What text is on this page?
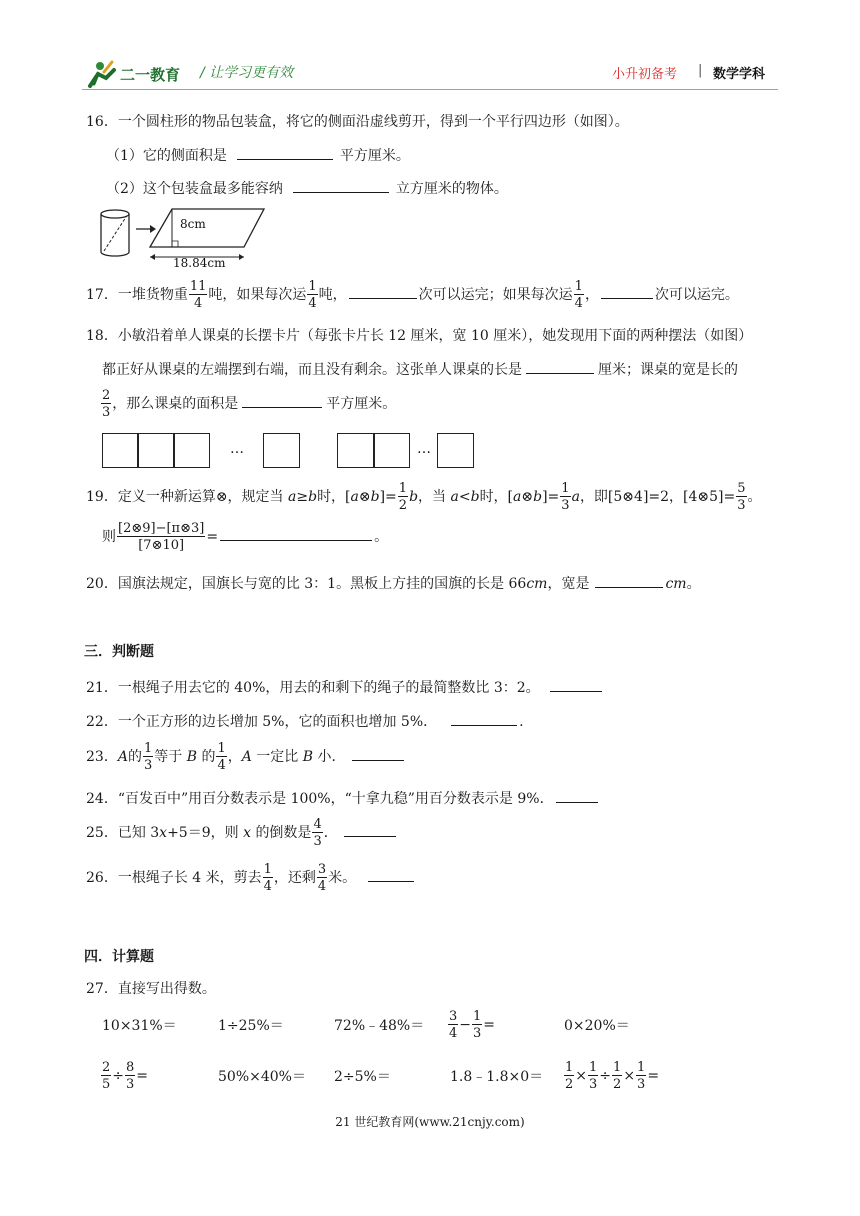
二一教育 / 让学习更有效	小升初备考 | 数学学科
16．一个圆柱形的物品包装盒，将它的侧面沿虚线剪开，得到一个平行四边形（如图）。
（1）它的侧面积是	平方厘米。
（2）这个包装盒最多能容纳	立方厘米的物体。
8cm
18.84cm
17．一堆货物重 $\frac{11}{4}$ 吨，如果每次运 $\frac{1}{4}$ 吨，	次可以运完；如果每次运 $\frac{1}{4}$ ，	次可以运完。
18．小敏沿着单人课桌的长摆卡片（每张卡片长 12 厘米，宽 10 厘米），她发现用下面的两种摆法（如图）
都正好从课桌的左端摆到右端，而且没有剩余。这张单人课桌的长是	厘米；课桌的宽是长的
$\frac{2}{3}$ ，那么课桌的面积是	平方厘米。
…	…
19．定义一种新运算⊗，规定当 a≥b时，[a⊗b]= $\frac{1}{2}$ b，当 a<b时，[a⊗b]= $\frac{1}{3}$ a，即[5⊗4]=2，[4⊗5]= $\frac{5}{3}$ 。
则 $\frac{[2\otimes 9]-[\pi\otimes 3]}{[7\otimes 10]}$ =	。
20．国旗法规定，国旗长与宽的比 3：1。黑板上方挂的国旗的长是 66cm，宽是	cm。
三．判断题
21．一根绳子用去它的 40%，用去的和剩下的绳子的最简整数比 3：2。
22．一个正方形的边长增加 5%，它的面积也增加 5%．	.
23．A的 $\frac{1}{3}$ 等于 B 的 $\frac{1}{4}$ ，A 一定比 B 小．
24．“百发百中”用百分数表示是 100%，“十拿九稳”用百分数表示是 9%．
25．已知 3x+5＝9，则 x 的倒数是 $\frac{4}{3}$ ．
26．一根绳子长 4 米，剪去 $\frac{1}{4}$ ，还剩 $\frac{3}{4}$ 米。
四．计算题
27．直接写出得数。
10×31%＝	1÷25%＝	72%﹣48%＝ $\frac{3}{4} - \frac{1}{3}$ =	0×20%＝
$\frac{2}{5} \div \frac{8}{3}$ =	50%×40%＝ 2÷5%＝	1.8﹣1.8×0＝ $\frac{1}{2} \times \frac{1}{3} \div \frac{1}{2} \times \frac{1}{3}$ =
21 世纪教育网(www.21cnjy.com)
